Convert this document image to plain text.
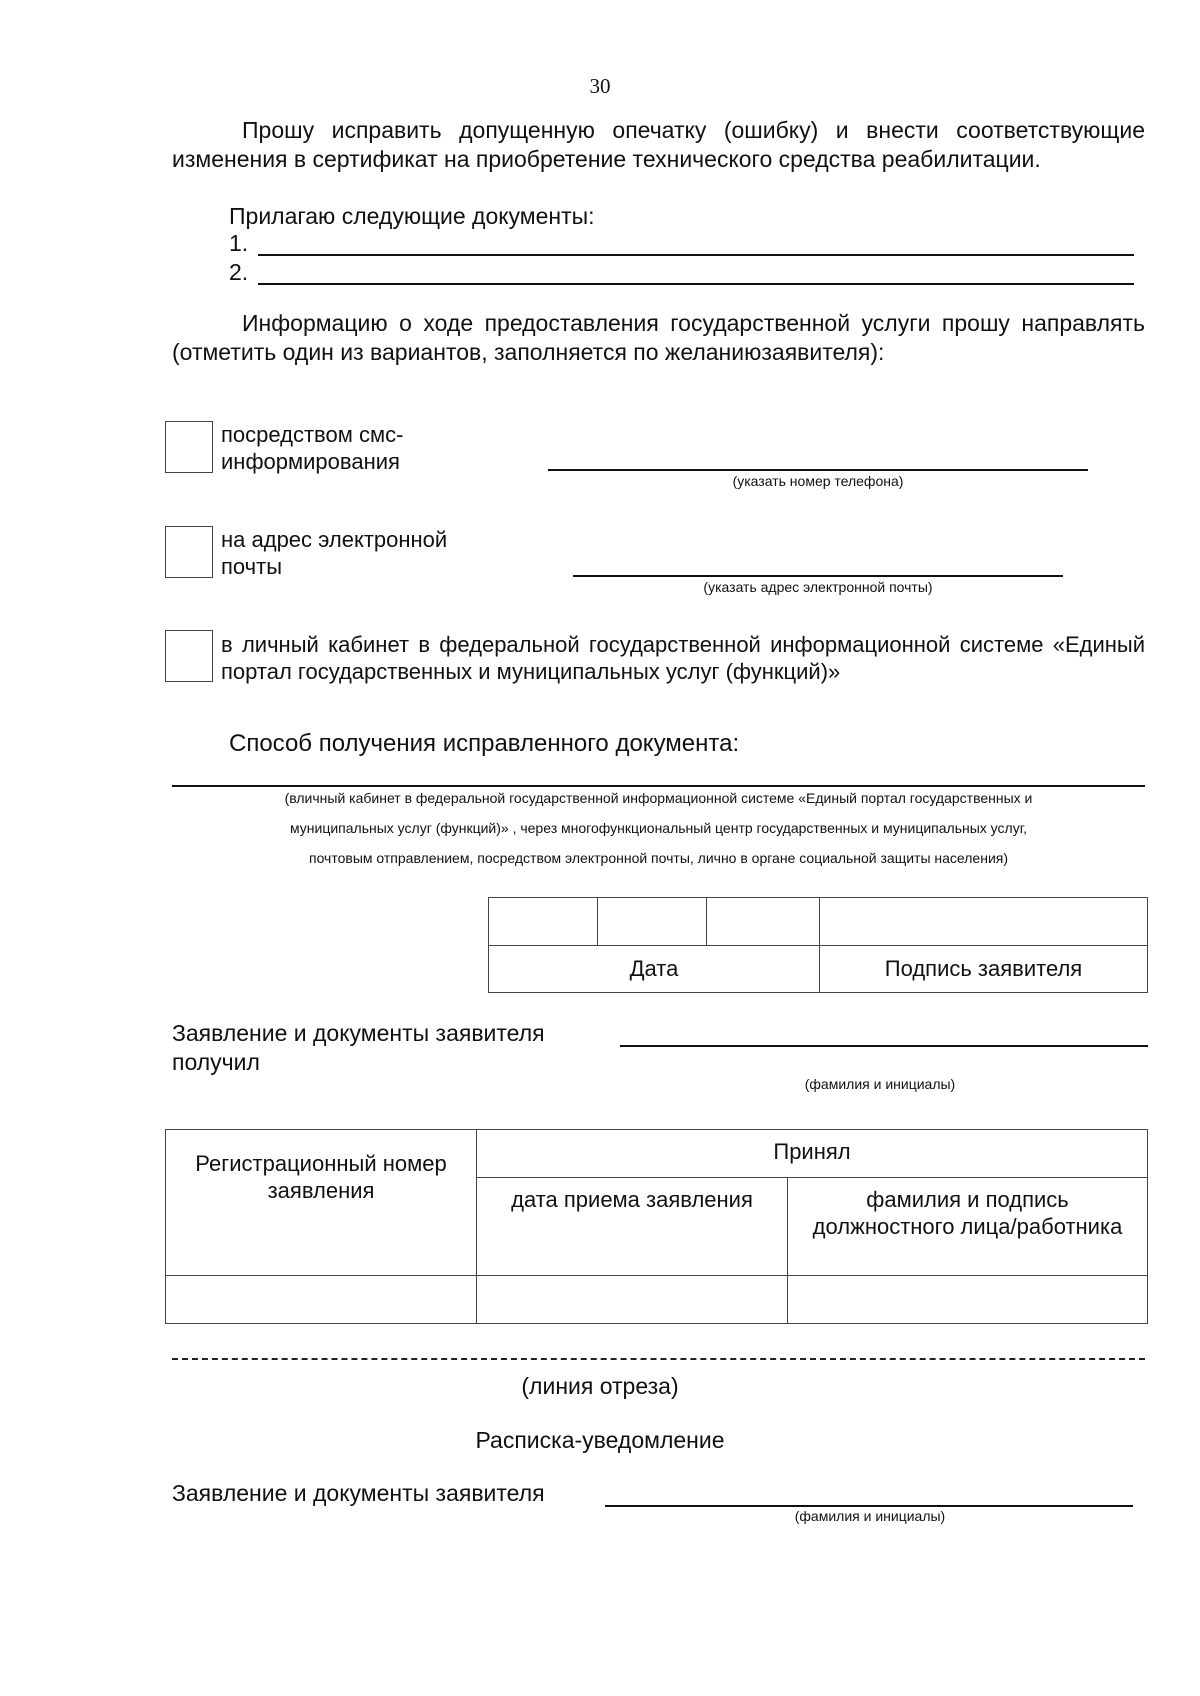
30
Прошу исправить допущенную опечатку (ошибку) и внести соответствующие изменения в сертификат на приобретение технического средства реабилитации.
Прилагаю следующие документы:
1.
2.
Информацию о ходе предоставления государственной услуги прошу направлять (отметить один из вариантов, заполняется по желаниюзаявителя):
посредством смс-
информирования
(указать номер телефона)
на адрес электронной
почты
(указать адрес электронной почты)
в личный кабинет в федеральной государственной информационной системе «Единый портал государственных и муниципальных услуг (функций)»
Способ получения исправленного документа:
(вличный кабинет в федеральной государственной информационной системе «Единый портал государственных и
муниципальных услуг (функций)» , через многофункциональный центр государственных и муниципальных услуг,
почтовым отправлением, посредством электронной почты, лично в органе социальной защиты населения)

Дата			Подпись заявителя
Заявление и документы заявителя
получил
(фамилия и инициалы)
Регистрационный номер заявления	Принял	
	дата приема заявления	фамилия и подпись должностного лица/работника

(линия отреза)
Расписка-уведомление
Заявление и документы заявителя
(фамилия и инициалы)
